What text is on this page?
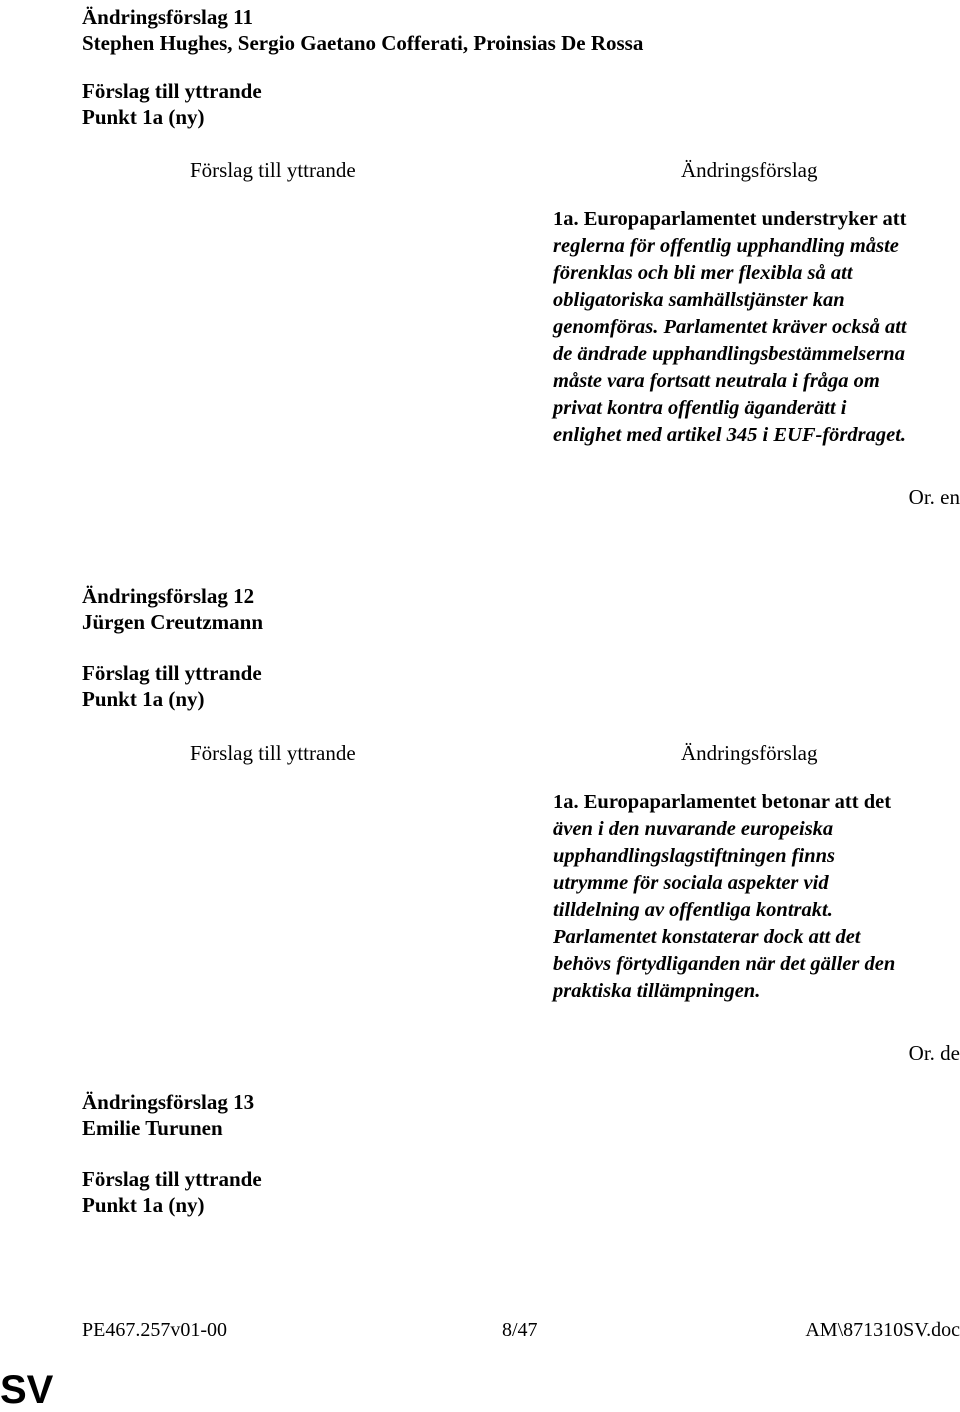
Ändringsförslag 11
Stephen Hughes, Sergio Gaetano Cofferati, Proinsias De Rossa
Förslag till yttrande
Punkt 1a (ny)
Förslag till yttrande	Ändringsförslag
1a. Europaparlamentet understryker att
reglerna för offentlig upphandling måste
förenklas och bli mer flexibla så att
obligatoriska samhällstjänster kan
genomföras. Parlamentet kräver också att
de ändrade upphandlingsbestämmelserna
måste vara fortsatt neutrala i fråga om
privat kontra offentlig äganderätt i
enlighet med artikel 345 i EUF-fördraget.
Or. en
Ändringsförslag 12
Jürgen Creutzmann
Förslag till yttrande
Punkt 1a (ny)
Förslag till yttrande	Ändringsförslag
1a. Europaparlamentet betonar att det
även i den nuvarande europeiska
upphandlingslagstiftningen finns
utrymme för sociala aspekter vid
tilldelning av offentliga kontrakt.
Parlamentet konstaterar dock att det
behövs förtydliganden när det gäller den
praktiska tillämpningen.
Or. de
Ändringsförslag 13
Emilie Turunen
Förslag till yttrande
Punkt 1a (ny)
PE467.257v01-00	8/47	AM\871310SV.doc
SV
